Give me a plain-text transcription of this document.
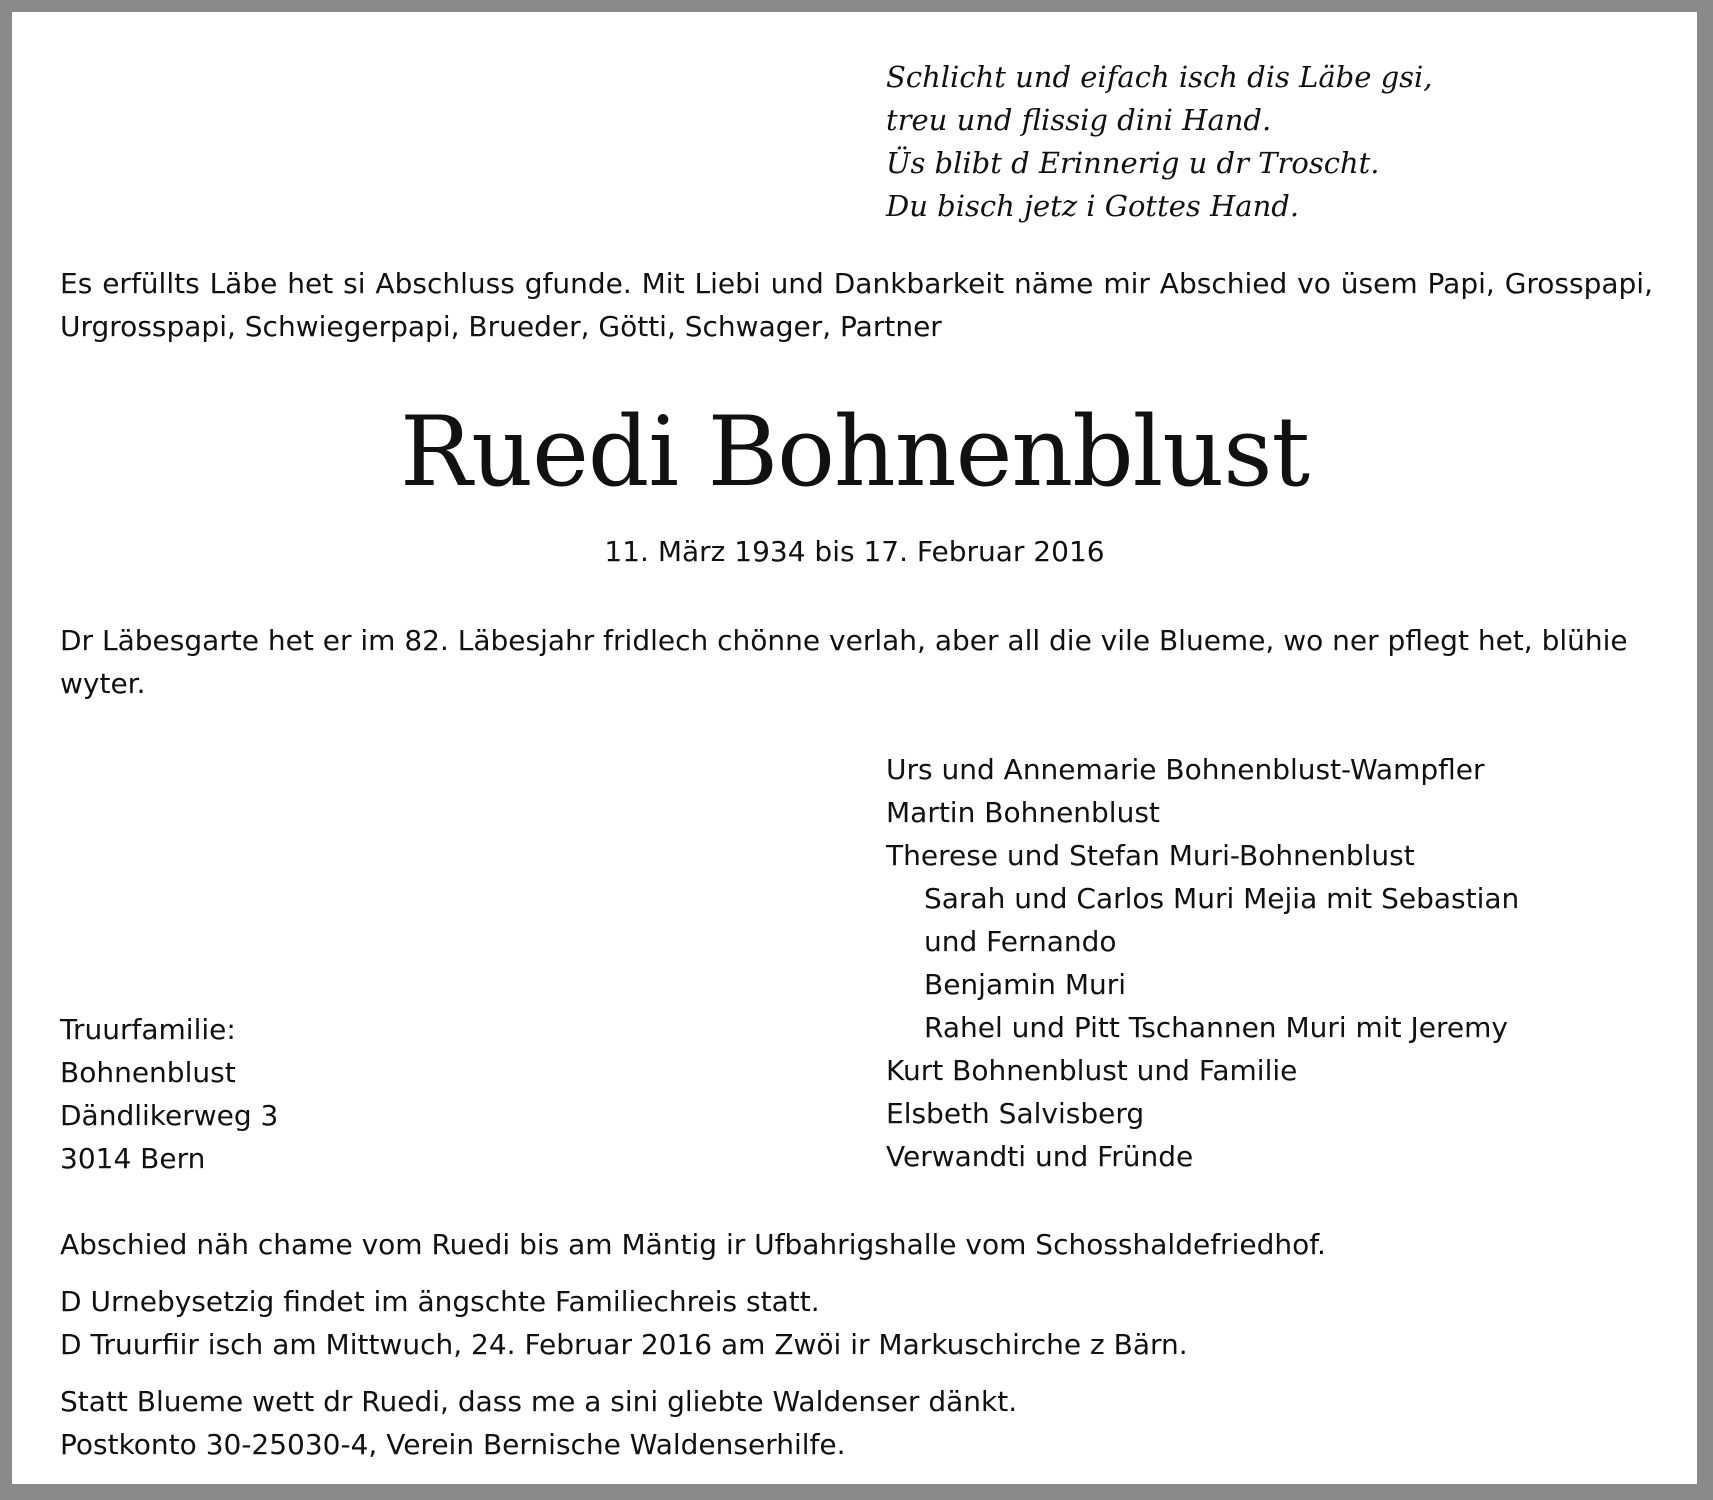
Schlicht und eifach isch dis Läbe gsi,
treu und flissig dini Hand.
Üs blibt d Erinnerig u dr Troscht.
Du bisch jetz i Gottes Hand.

Es erfüllts Läbe het si Abschluss gfunde. Mit Liebi und Dankbarkeit näme mir Abschied vo üsem Papi, Grosspapi, Urgrosspapi, Schwiegerpapi, Brueder, Götti, Schwager, Partner

Ruedi Bohnenblust
11. März 1934 bis 17. Februar 2016

Dr Läbesgarte het er im 82. Läbesjahr fridlech chönne verlah, aber all die vile Blueme, wo ner pflegt het, blühie wyter.

Urs und Annemarie Bohnenblust-Wampfler
Martin Bohnenblust
Therese und Stefan Muri-Bohnenblust
Sarah und Carlos Muri Mejia mit Sebastian
und Fernando
Benjamin Muri
Rahel und Pitt Tschannen Muri mit Jeremy
Kurt Bohnenblust und Familie
Elsbeth Salvisberg
Verwandti und Fründe
Truurfamilie:
Bohnenblust
Dändlikerweg 3
3014 Bern
Abschied näh chame vom Ruedi bis am Mäntig ir Ufbahrigshalle vom Schosshaldefriedhof.
D Urnebysetzig findet im ängschte Familiechreis statt.
D Truurfiir isch am Mittwuch, 24. Februar 2016 am Zwöi ir Markuschirche z Bärn.
Statt Blueme wett dr Ruedi, dass me a sini gliebte Waldenser dänkt.
Postkonto 30-25030-4, Verein Bernische Waldenserhilfe.
